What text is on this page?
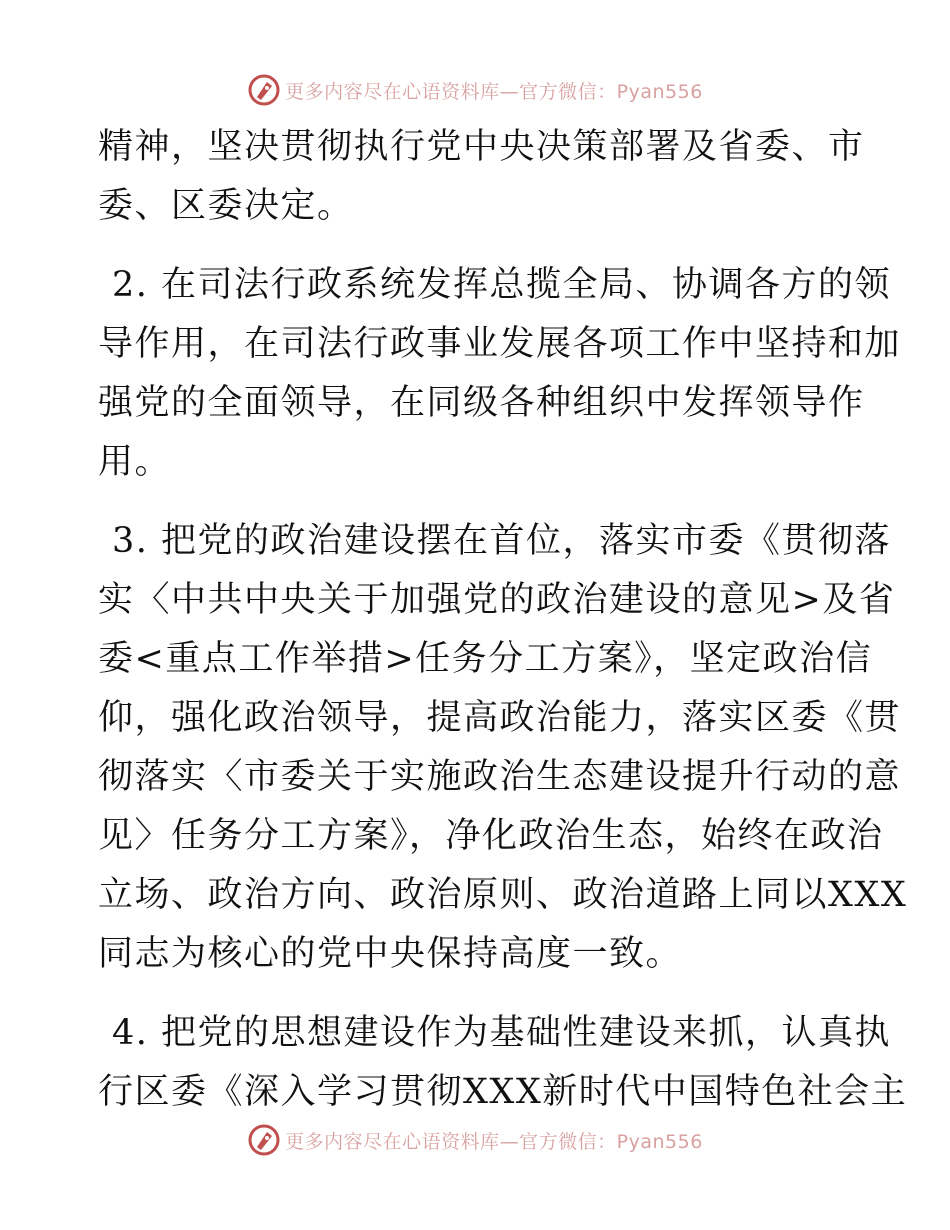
更多内容尽在心语资料库—官方微信：Pyan556
精神，坚决贯彻执行党中央决策部署及省委、市
委、区委决定。
2. 在司法行政系统发挥总揽全局、协调各方的领
导作用，在司法行政事业发展各项工作中坚持和加
强党的全面领导，在同级各种组织中发挥领导作
用。
3. 把党的政治建设摆在首位，落实市委《贯彻落
实〈中共中央关于加强党的政治建设的意见>及省
委<重点工作举措>任务分工方案》，坚定政治信
仰，强化政治领导，提高政治能力，落实区委《贯
彻落实〈市委关于实施政治生态建设提升行动的意
见〉任务分工方案》，净化政治生态，始终在政治
立场、政治方向、政治原则、政治道路上同以XXX
同志为核心的党中央保持高度一致。
4. 把党的思想建设作为基础性建设来抓，认真执
行区委《深入学习贯彻XXX新时代中国特色社会主
更多内容尽在心语资料库—官方微信：Pyan556
